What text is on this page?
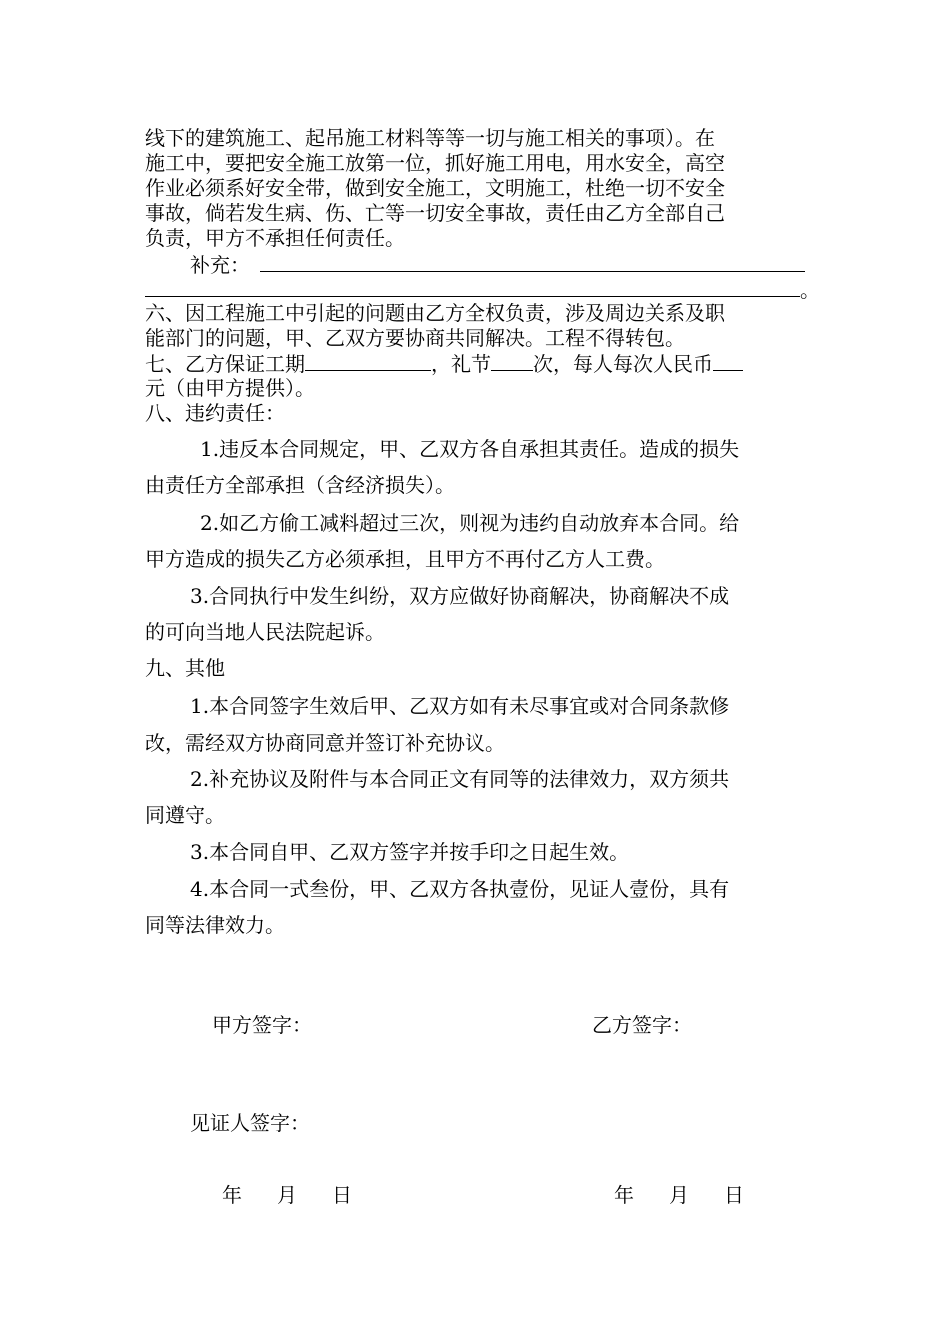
线下的建筑施工、起吊施工材料等等一切与施工相关的事项）。在
施工中，要把安全施工放第一位，抓好施工用电，用水安全，高空
作业必须系好安全带，做到安全施工，文明施工，杜绝一切不安全
事故，倘若发生病、伤、亡等一切安全事故，责任由乙方全部自己
负责，甲方不承担任何责任。
补充：
。
六、因工程施工中引起的问题由乙方全权负责，涉及周边关系及职
能部门的问题，甲、乙双方要协商共同解决。工程不得转包。
七、乙方保证工期	，礼节 次，每人每次人民币
元（由甲方提供）。
八、违约责任：
1.违反本合同规定，甲、乙双方各自承担其责任。造成的损失
由责任方全部承担（含经济损失）。
2.如乙方偷工减料超过三次，则视为违约自动放弃本合同。给
甲方造成的损失乙方必须承担，且甲方不再付乙方人工费。
3.合同执行中发生纠纷，双方应做好协商解决，协商解决不成
的可向当地人民法院起诉。
九、其他
1.本合同签字生效后甲、乙双方如有未尽事宜或对合同条款修
改，需经双方协商同意并签订补充协议。
2.补充协议及附件与本合同正文有同等的法律效力，双方须共
同遵守。
3.本合同自甲、乙双方签字并按手印之日起生效。
4.本合同一式叁份，甲、乙双方各执壹份，见证人壹份，具有
同等法律效力。
甲方签字：	乙方签字：
见证人签字：
年 月 日	年 月 日
